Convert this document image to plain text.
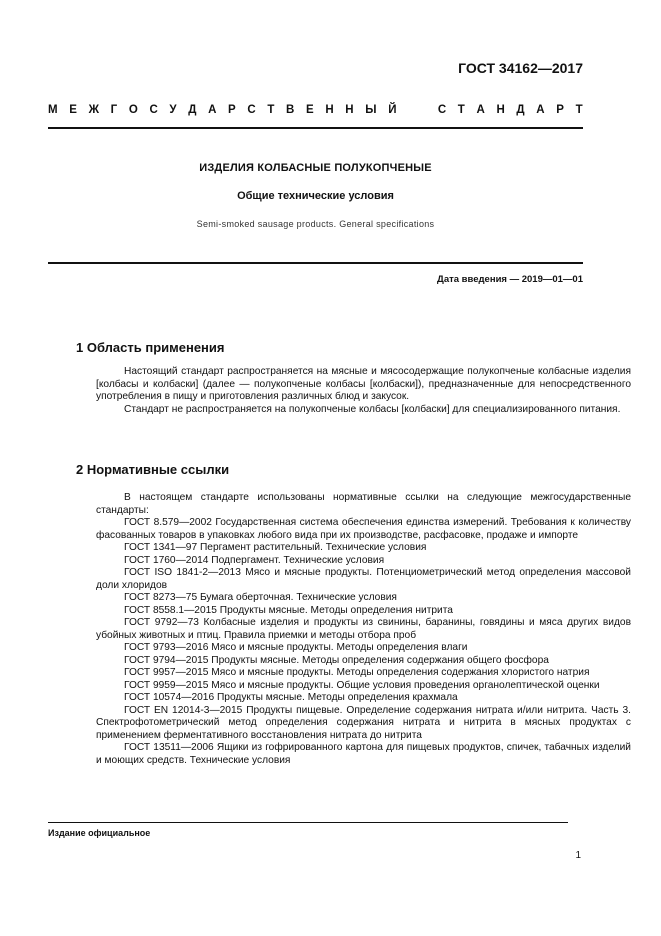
ГОСТ 34162—2017
М Е Ж Г О С У Д А Р С Т В Е Н Н Ы Й

	С Т А Н Д А Р Т
ИЗДЕЛИЯ КОЛБАСНЫЕ ПОЛУКОПЧЕНЫЕ
Общие технические условия
Semi-smoked sausage products. General specifications
Дата введения — 2019—01—01
1 Область применения

Настоящий стандарт распространяется на мясные и мясосодержащие полукопченые колбасные изделия [колбасы и колбаски] (далее — полукопченые колбасы [колбаски]), предназначенные для непосредственного употребления в пищу и приготовления различных блюд и закусок.

Стандарт не распространяется на полукопченые колбасы [колбаски] для специализированного питания.

2 Нормативные ссылки

В настоящем стандарте использованы нормативные ссылки на следующие межгосударственные стандарты:

ГОСТ 8.579—2002 Государственная система обеспечения единства измерений. Требования к количеству фасованных товаров в упаковках любого вида при их производстве, расфасовке, продаже и импорте

ГОСТ 1341—97 Пергамент растительный. Технические условия

ГОСТ 1760—2014 Подпергамент. Технические условия

ГОСТ ISO 1841-2—2013 Мясо и мясные продукты. Потенциометрический метод определения массовой доли хлоридов

ГОСТ 8273—75 Бумага оберточная. Технические условия

ГОСТ 8558.1—2015 Продукты мясные. Методы определения нитрита

ГОСТ 9792—73 Колбасные изделия и продукты из свинины, баранины, говядины и мяса других видов убойных животных и птиц. Правила приемки и методы отбора проб

ГОСТ 9793—2016 Мясо и мясные продукты. Методы определения влаги

ГОСТ 9794—2015 Продукты мясные. Методы определения содержания общего фосфора

ГОСТ 9957—2015 Мясо и мясные продукты. Методы определения содержания хлористого натрия

ГОСТ 9959—2015 Мясо и мясные продукты. Общие условия проведения органолептической оценки

ГОСТ 10574—2016 Продукты мясные. Методы определения крахмала

ГОСТ EN 12014-3—2015 Продукты пищевые. Определение содержания нитрата и/или нитрита. Часть 3. Спектрофотометрический метод определения содержания нитрата и нитрита в мясных продуктах с применением ферментативного восстановления нитрата до нитрита

ГОСТ 13511—2006 Ящики из гофрированного картона для пищевых продуктов, спичек, табачных изделий и моющих средств. Технические условия

Издание официальное
1
